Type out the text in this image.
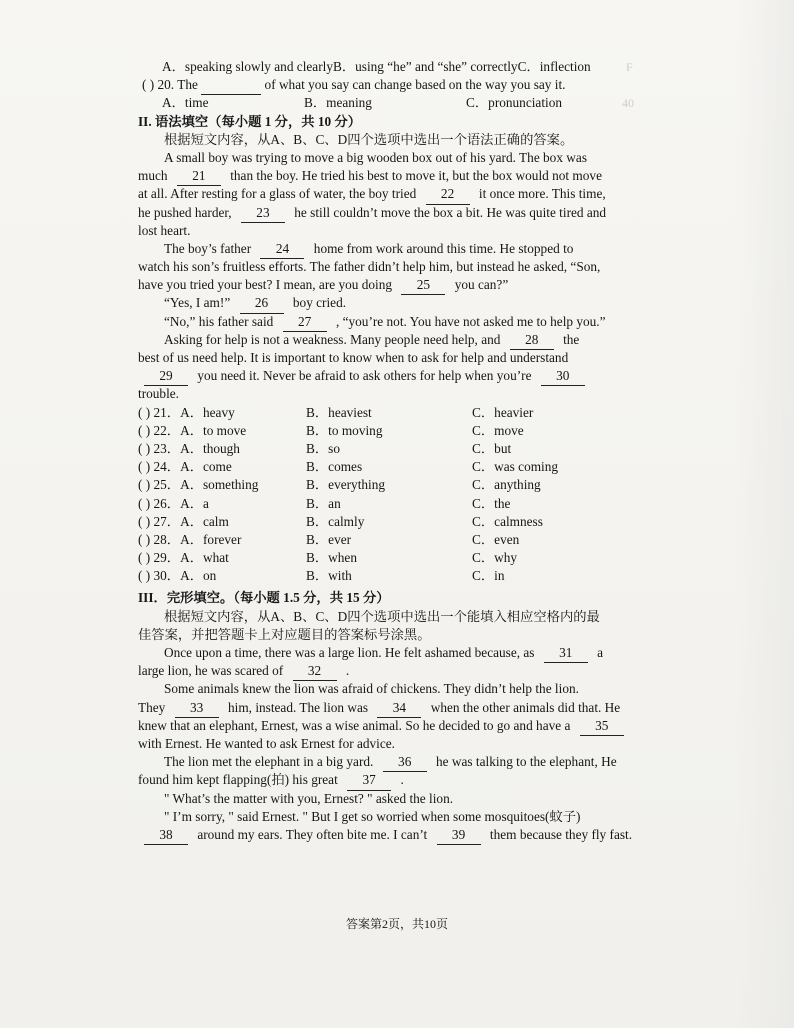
F
40
A．speaking slowly and clearlyB．using “he” and “she” correctlyC．inflection
( ) 20. The	of what you say can change based on the way you say it.
A．time	B．meaning	C．pronunciation
II. 语法填空（每小题 1 分，共 10 分）
根据短文内容，从A、B、C、D四个选项中选出一个语法正确的答案。
A small boy was trying to move a big wooden box out of his yard. The box was
much 21 than the boy. He tried his best to move it, but the box would not move
at all. After resting for a glass of water, the boy tried 22 it once more. This time,
he pushed harder, 23 he still couldn’t move the box a bit. He was quite tired and
lost heart.
The boy’s father 24 home from work around this time. He stopped to
watch his son’s fruitless efforts. The father didn’t help him, but instead he asked, “Son,
have you tried your best? I mean, are you doing 25 you can?”
“Yes, I am!” 26 boy cried.
“No,” his father said 27 , “you’re not. You have not asked me to help you.”
Asking for help is not a weakness. Many people need help, and 28 the
best of us need help. It is important to know when to ask for help and understand
29 you need it. Never be afraid to ask others for help when you’re 30
trouble.
( ) 21．A．heavy	B．heaviest	C．heavier
( ) 22．A．to move	B．to moving	C．move
( ) 23．A．though	B．so	C．but
( ) 24．A．come	B．comes	C．was coming
( ) 25．A．something	B．everything	C．anything
( ) 26．A．a	B．an	C．the
( ) 27．A．calm	B．calmly	C．calmness
( ) 28．A．forever	B．ever	C．even
( ) 29．A．what	B．when	C．why
( ) 30．A．on	B．with	C．in
III．完形填空。（每小题 1.5 分，共 15 分）
根据短文内容，从A、B、C、D四个选项中选出一个能填入相应空格内的最
佳答案，并把答题卡上对应题目的答案标号涂黑。
Once upon a time, there was a large lion. He felt ashamed because, as 31 a
large lion, he was scared of 32 .
Some animals knew the lion was afraid of chickens. They didn’t help the lion.
They 33 him, instead. The lion was 34 when the other animals did that. He
knew that an elephant, Ernest, was a wise animal. So he decided to go and have a 35
with Ernest. He wanted to ask Ernest for advice.
The lion met the elephant in a big yard. 36 he was talking to the elephant, He
found him kept flapping(拍) his great 37 .
" What’s the matter with you, Ernest? " asked the lion.
" I’m sorry, " said Ernest. " But I get so worried when some mosquitoes(蚊子)
38 around my ears. They often bite me. I can’t 39 them because they fly fast.
答案第2页，共10页
